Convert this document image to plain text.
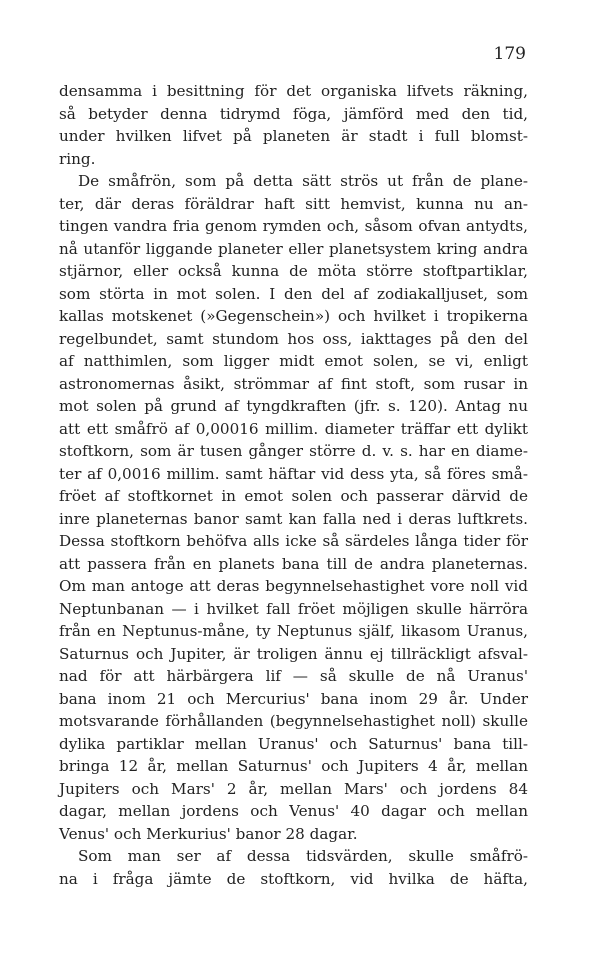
179

densamma i besittning för det organiska lifvets räkning,
så betyder denna tidrymd föga, jämförd med den tid,
under hvilken lifvet på planeten är stadt i full blomst-
ring.
De småfrön, som på detta sätt strös ut från de plane-
ter, där deras föräldrar haft sitt hemvist, kunna nu an-
tingen vandra fria genom rymden och, såsom ofvan antydts,
nå utanför liggande planeter eller planetsystem kring andra
stjärnor, eller också kunna de möta större stoftpartiklar,
som störta in mot solen. I den del af zodiakalljuset, som
kallas motskenet (»Gegenschein») och hvilket i tropikerna
regelbundet, samt stundom hos oss, iakttages på den del
af natthimlen, som ligger midt emot solen, se vi, enligt
astronomernas åsikt, strömmar af fint stoft, som rusar in
mot solen på grund af tyngdkraften (jfr. s. 120). Antag nu
att ett småfrö af 0,00016 millim. diameter träffar ett dylikt
stoftkorn, som är tusen gånger större d. v. s. har en diame-
ter af 0,0016 millim. samt häftar vid dess yta, så föres små-
fröet af stoftkornet in emot solen och passerar därvid de
inre planeternas banor samt kan falla ned i deras luftkrets.
Dessa stoftkorn behöfva alls icke så särdeles långa tider för
att passera från en planets bana till de andra planeternas.
Om man antoge att deras begynnelsehastighet vore noll vid
Neptunbanan — i hvilket fall fröet möjligen skulle härröra
från en Neptunus-måne, ty Neptunus själf, likasom Uranus,
Saturnus och Jupiter, är troligen ännu ej tillräckligt afsval-
nad för att härbärgera lif — så skulle de nå Uranus'
bana inom 21 och Mercurius' bana inom 29 år. Under
motsvarande förhållanden (begynnelsehastighet noll) skulle
dylika partiklar mellan Uranus' och Saturnus' bana till-
bringa 12 år, mellan Saturnus' och Jupiters 4 år, mellan
Jupiters och Mars' 2 år, mellan Mars' och jordens 84
dagar, mellan jordens och Venus' 40 dagar och mellan
Venus' och Merkurius' banor 28 dagar.
Som man ser af dessa tidsvärden, skulle småfrö-
na i fråga jämte de stoftkorn, vid hvilka de häfta,
